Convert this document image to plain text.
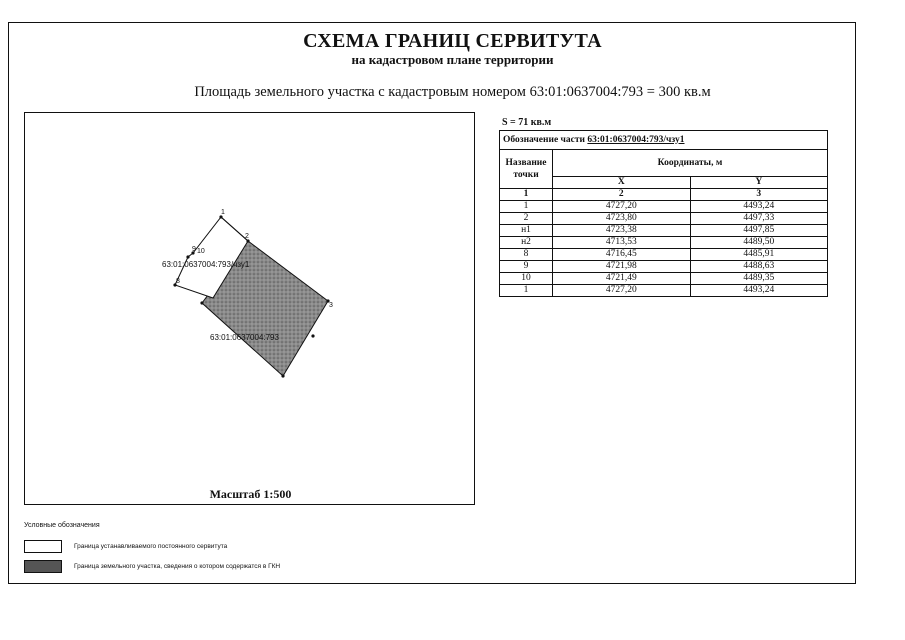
СХЕМА ГРАНИЦ СЕРВИТУТА
на кадастровом плане территории
Площадь земельного участка с кадастровым номером 63:01:0637004:793 = 300 кв.м
1
2
3
9 10
8
63:01:0637004:793/чзу1
63:01:0637004:793
Масштаб 1:500
S = 71 кв.м
Обозначение части 63:01:0637004:793/чзу1		
Название точки	Координаты, м	
	X	Y
1	2	3
1	4727,20	4493,24
2	4723,80	4497,33
н1	4723,38	4497,85
н2	4713,53	4489,50
8	4716,45	4485,91
9	4721,98	4488,63
10	4721,49	4489,35
1	4727,20	4493,24
Условные обозначения
Граница устанавливаемого постоянного сервитута
Граница земельного участка, сведения о котором содержатся в ГКН
